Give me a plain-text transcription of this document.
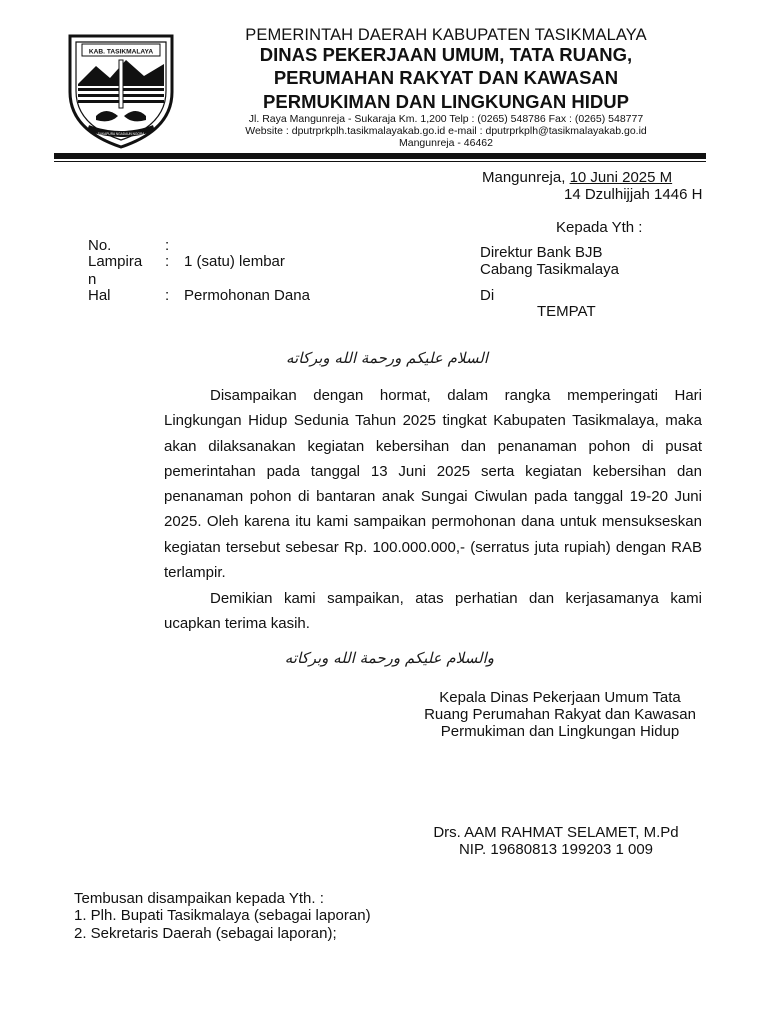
KAB. TASIKMALAYA
SUKAPURA NGADAUN NGORA
PEMERINTAH DAERAH KABUPATEN TASIKMALAYA
DINAS PEKERJAAN UMUM, TATA RUANG,
PERUMAHAN RAKYAT DAN KAWASAN
PERMUKIMAN DAN LINGKUNGAN HIDUP
Jl. Raya Mangunreja - Sukaraja Km. 1,200 Telp : (0265) 548786 Fax : (0265) 548777
Website : dputrprkplh.tasikmalayakab.go.id e-mail : dputrprkplh@tasikmalayakab.go.id
Mangunreja - 46462
Mangunreja, 10 Juni 2025 M
14 Dzulhijjah 1446 H
No.	:
Lampira
n
: 1 (satu) lembar
Hal	: Permohonan Dana
Kepada Yth :
Direktur Bank BJB
Cabang Tasikmalaya
Di
TEMPAT
السلام عليكم ورحمة الله وبركاته
Disampaikan dengan hormat, dalam rangka memperingati Hari Lingkungan Hidup Sedunia Tahun 2025 tingkat Kabupaten Tasikmalaya, maka akan dilaksanakan kegiatan kebersihan dan penanaman pohon di pusat pemerintahan pada tanggal 13 Juni 2025 serta kegiatan kebersihan dan penanaman pohon di bantaran anak Sungai Ciwulan pada tanggal 19-20 Juni 2025. Oleh karena itu kami sampaikan permohonan dana untuk mensukseskan kegiatan tersebut sebesar Rp. 100.000.000,- (serratus juta rupiah) dengan RAB terlampir.
Demikian kami sampaikan, atas perhatian dan kerjasamanya kami ucapkan terima kasih.
والسلام عليكم ورحمة الله وبركاته
Kepala Dinas Pekerjaan Umum Tata
Ruang Perumahan Rakyat dan Kawasan
Permukiman dan Lingkungan Hidup
Drs. AAM RAHMAT SELAMET, M.Pd
NIP. 19680813 199203 1 009
Tembusan disampaikan kepada Yth. :
1. Plh. Bupati Tasikmalaya (sebagai laporan)
2. Sekretaris Daerah (sebagai laporan);
